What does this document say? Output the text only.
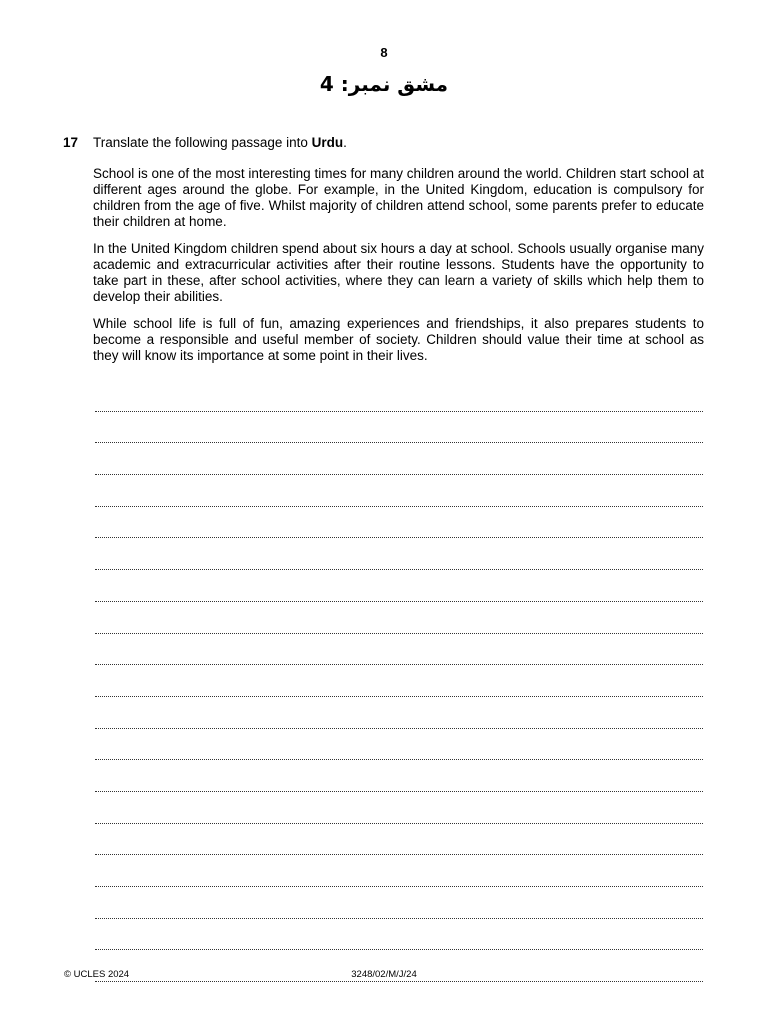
8
مشق نمبر: 4
17 Translate the following passage into Urdu.

School is one of the most interesting times for many children around the world. Children start school at different ages around the globe. For example, in the United Kingdom, education is compulsory for children from the age of five. Whilst majority of children attend school, some parents prefer to educate their children at home.

In the United Kingdom children spend about six hours a day at school. Schools usually organise many academic and extracurricular activities after their routine lessons. Students have the opportunity to take part in these, after school activities, where they can learn a variety of skills which help them to develop their abilities.

While school life is full of fun, amazing experiences and friendships, it also prepares students to become a responsible and useful member of society. Children should value their time at school as they will know its importance at some point in their lives.

© UCLES 2024	3248/02/M/J/24
